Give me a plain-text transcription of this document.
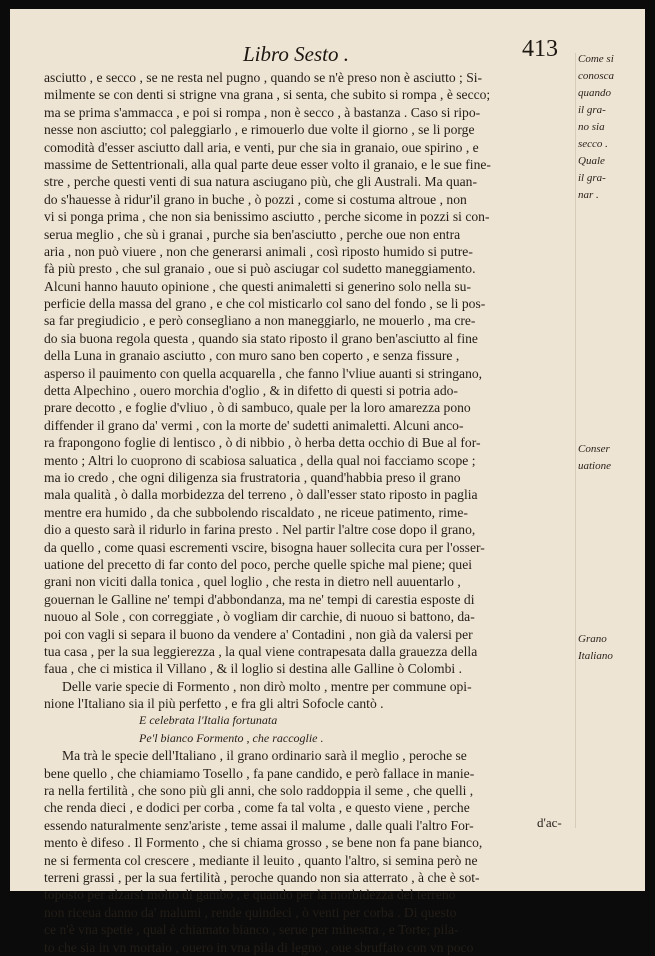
Libro Sesto .	413
asciutto , e secco , se ne resta nel pugno , quando se n'è preso non è asciutto ; Si-
milmente se con denti si strigne vna grana , si senta, che subito si rompa , è secco;
ma se prima s'ammacca , e poi si rompa , non è secco , à bastanza . Caso si ripo-
nesse non asciutto; col paleggiarlo , e rimouerlo due volte il giorno , se li porge
comodità d'esser asciutto dall aria, e venti, pur che sia in granaio, oue spirino , e
massime de Settentrionali, alla qual parte deue esser volto il granaio, e le sue fine-
stre , perche questi venti di sua natura asciugano più, che gli Australi. Ma quan-
do s'hauesse à ridur'il grano in buche , ò pozzi , come si costuma altroue , non
vi si ponga prima , che non sia benissimo asciutto , perche sicome in pozzi si con-
serua meglio , che sù i granai , purche sia ben'asciutto , perche oue non entra
aria , non può viuere , non che generarsi animali , così riposto humido si putre-
fà più presto , che sul granaio , oue si può asciugar col sudetto maneggiamento.
Alcuni hanno hauuto opinione , che questi animaletti si generino solo nella su-
perficie della massa del grano , e che col misticarlo col sano del fondo , se li pos-
sa far pregiudicio , e però consegliano a non maneggiarlo, ne mouerlo , ma cre-
do sia buona regola questa , quando sia stato riposto il grano ben'asciutto al fine
della Luna in granaio asciutto , con muro sano ben coperto , e senza fissure ,
asperso il pauimento con quella acquarella , che fanno l'vliue auanti si stringano,
detta Alpechino , ouero morchia d'oglio , & in difetto di questi si potria ado-
prare decotto , e foglie d'vliuo , ò di sambuco, quale per la loro amarezza pono
diffender il grano da' vermi , con la morte de' sudetti animaletti. Alcuni anco-
ra frapongono foglie di lentisco , ò di nibbio , ò herba detta occhio di Bue al for-
mento ; Altri lo cuoprono di scabiosa saluatica , della qual noi facciamo scope ;
ma io credo , che ogni diligenza sia frustratoria , quand'habbia preso il grano
mala qualità , ò dalla morbidezza del terreno , ò dall'esser stato riposto in paglia
mentre era humido , da che subbolendo riscaldato , ne riceue patimento, rime-
dio a questo sarà il ridurlo in farina presto . Nel partir l'altre cose dopo il grano,
da quello , come quasi escrementi vscire, bisogna hauer sollecita cura per l'osser-
uatione del precetto di far conto del poco, perche quelle spiche mal piene; quei
grani non viciti dalla tonica , quel loglio , che resta in dietro nell auuentarlo ,
gouernan le Galline ne' tempi d'abbondanza, ma ne' tempi di carestia esposte di
nuouo al Sole , con correggiate , ò vogliam dir carchie, di nuouo si battono, da-
poi con vagli si separa il buono da vendere a' Contadini , non già da valersi per
tua casa , per la sua leggierezza , la qual viene contrapesata dalla grauezza della
faua , che ci mistica il Villano , & il loglio si destina alle Galline ò Colombi .
Delle varie specie di Formento , non dirò molto , mentre per commune opi-
nione l'Italiano sia il più perfetto , e fra gli altri Sofocle cantò .
E celebrata l'Italia fortunata
Pe'l bianco Formento , che raccoglie .
Ma trà le specie dell'Italiano , il grano ordinario sarà il meglio , peroche se
bene quello , che chiamiamo Tosello , fa pane candido, e però fallace in manie-
ra nella fertilità , che sono più gli anni, che solo raddoppia il seme , che quelli ,
che renda dieci , e dodici per corba , come fa tal volta , e questo viene , perche
essendo naturalmente senz'ariste , teme assai il malume , dalle quali l'altro For-
mento è difeso . Il Formento , che si chiama grosso , se bene non fa pane bianco,
ne si fermenta col crescere , mediante il leuito , quanto l'altro, si semina però ne
terreni grassi , per la sua fertilità , peroche quando non sia atterrato , à che è sot-
toposto per alzarsi molto di gambo , e quando per la morbidezza del terreno
non riceua danno da' malumi , rende quindeci , ò venti per corba . Di questo
ce n'è vna spetie , qual è chiamato bianco , serue per minestra , e Torte; pila-
to che sia in vn mortaio , ouero in vna pila di legno , oue sbruffato con vn poco
Come si
conosca
quando
il gra-
no sia
secco .
Quale
il gra-
nar .
Conser
uatione
Grano
Italiano
d'ac-
